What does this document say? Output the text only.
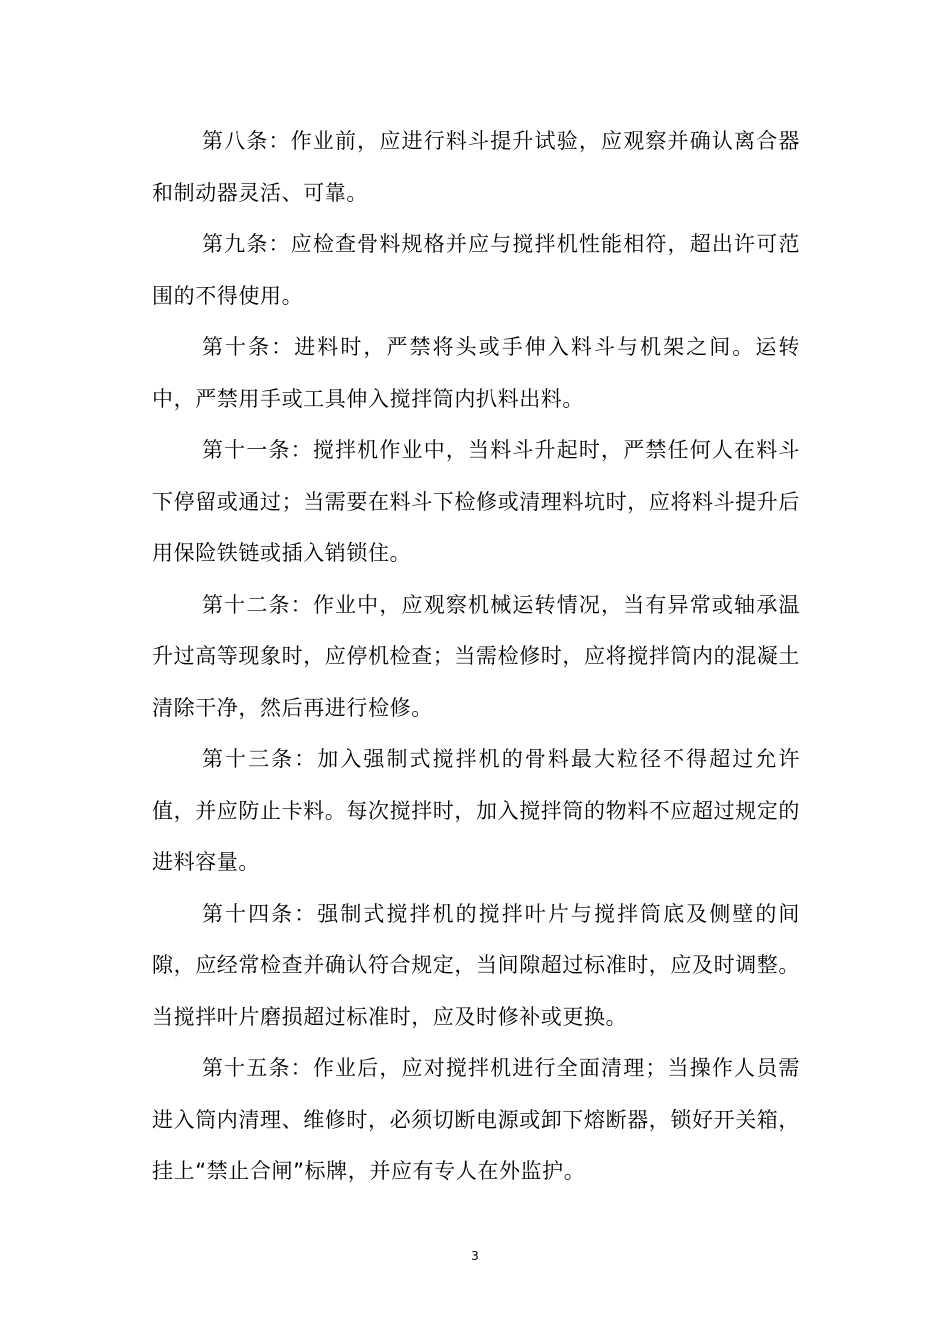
第八条：作业前，应进行料斗提升试验，应观察并确认离合器和制动器灵活、可靠。

第九条：应检查骨料规格并应与搅拌机性能相符，超出许可范围的不得使用。

第十条：进料时，严禁将头或手伸入料斗与机架之间。运转中，严禁用手或工具伸入搅拌筒内扒料出料。

第十一条：搅拌机作业中，当料斗升起时，严禁任何人在料斗下停留或通过；当需要在料斗下检修或清理料坑时，应将料斗提升后用保险铁链或插入销锁住。

第十二条：作业中，应观察机械运转情况，当有异常或轴承温升过高等现象时，应停机检查；当需检修时，应将搅拌筒内的混凝土清除干净，然后再进行检修。

第十三条：加入强制式搅拌机的骨料最大粒径不得超过允许值，并应防止卡料。每次搅拌时，加入搅拌筒的物料不应超过规定的进料容量。

第十四条：强制式搅拌机的搅拌叶片与搅拌筒底及侧壁的间隙，应经常检查并确认符合规定，当间隙超过标准时，应及时调整。当搅拌叶片磨损超过标准时，应及时修补或更换。

第十五条：作业后，应对搅拌机进行全面清理；当操作人员需进入筒内清理、维修时，必须切断电源或卸下熔断器，锁好开关箱，挂上“禁止合闸”标牌，并应有专人在外监护。

3
